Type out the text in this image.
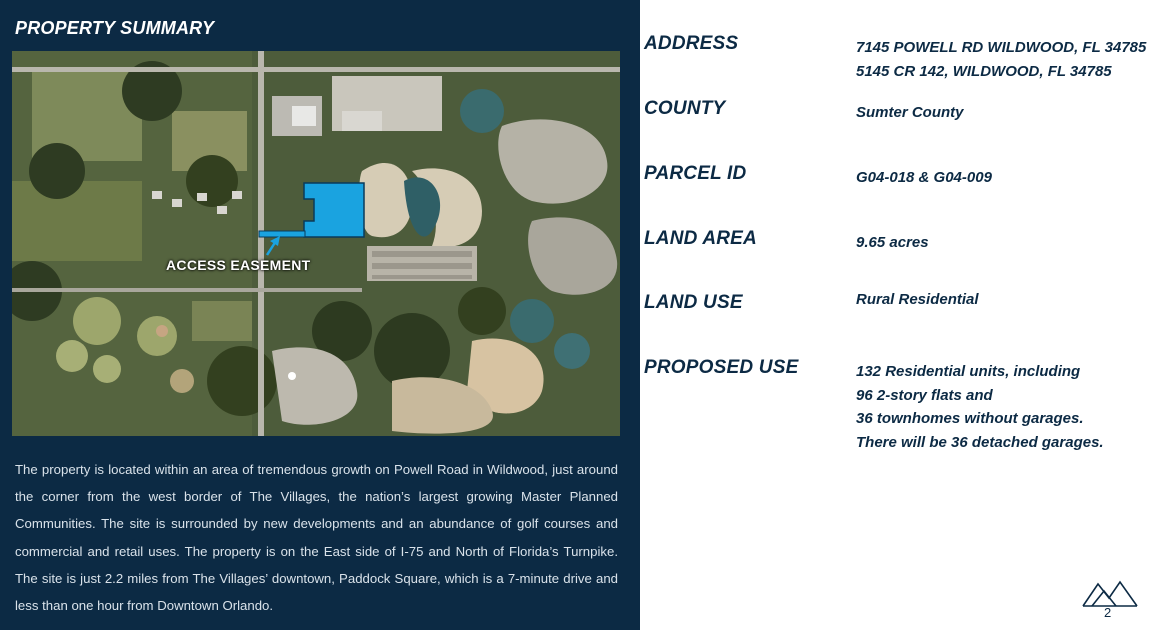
PROPERTY SUMMARY
ACCESS EASEMENT

The property is located within an area of tremendous growth on Powell Road in Wildwood, just around the corner from the west border of The Villages, the nation’s largest growing Master Planned Communities. The site is surrounded by new developments and an abundance of golf courses and commercial and retail uses. The property is on the East side of I-75 and North of Florida’s Turnpike. The site is just 2.2 miles from The Villages’ downtown, Paddock Square, which is a 7-minute drive and less than one hour from Downtown Orlando.

ADDRESS	7145 POWELL RD WILDWOOD, FL 34785
5145 CR 142, WILDWOOD, FL 34785
COUNTY	Sumter County
PARCEL ID	G04-018 & G04-009
LAND AREA	9.65 acres
LAND USE	Rural Residential
PROPOSED USE	132 Residential units, including
96 2-story flats and
36 townhomes without garages.
There will be 36 detached garages.
2
